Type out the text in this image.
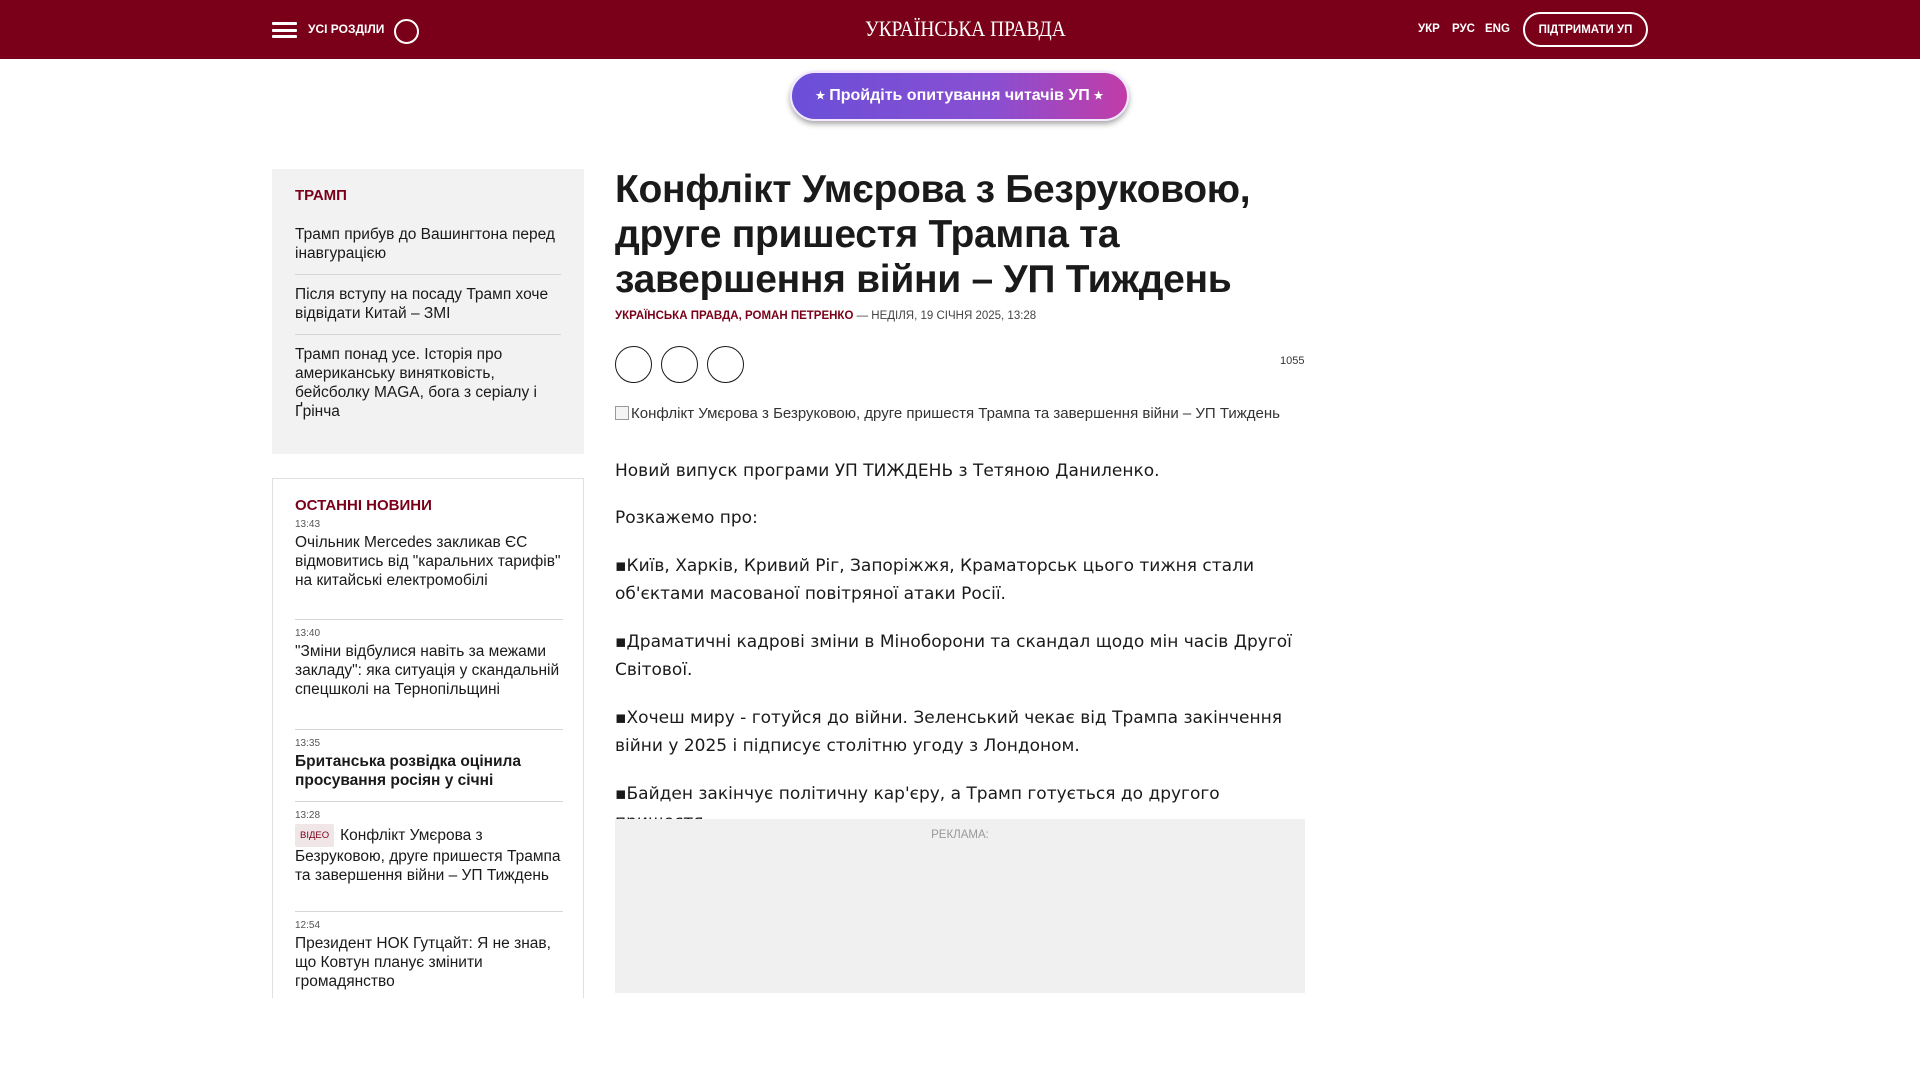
УСІ РОЗДІЛИ	УКРАЇНСЬКА ПРАВДА	УКР РУС ENG	ПІДТРИМАТИ УП
⭑ Пройдіть опитування читачів УП ⭑
ТРАМП
Трамп прибув до Вашингтона перед інавгурацією
Після вступу на посаду Трамп хоче відвідати Китай – ЗМІ
Трамп понад усе. Історія про американську винятковість, бейсболку MAGA, бога з серіалу і Ґрінча
ОСТАННІ НОВИНИ
13:43
Очільник Mercedes закликав ЄС відмовитись від "каральних тарифів" на китайські електромобілі
13:40
"Зміни відбулися навіть за межами закладу": яка ситуація у скандальній спецшколі на Тернопільщині
13:35
Британська розвідка оцінила просування росіян у січні
13:28
ВІДЕО Конфлікт Умєрова з Безруковою, друге пришестя Трампа та завершення війни – УП Тиждень
12:54
Президент НОК Гутцайт: Я не знав, що Ковтун планує змінити громадянство
Конфлікт Умєрова з Безруковою, друге пришестя Трампа та завершення війни – УП Тиждень
УКРАЇНСЬКА ПРАВДА, РОМАН ПЕТРЕНКО — НЕДІЛЯ, 19 СІЧНЯ 2025, 13:28
1055
Конфлікт Умєрова з Безруковою, друге пришестя Трампа та завершення війни – УП Тиждень

Новий випуск програми УП ТИЖДЕНЬ з Тетяною Даниленко.

Розкажемо про:

▪Київ, Харків, Кривий Ріг, Запоріжжя, Краматорськ цього тижня стали об'єктами масованої повітряної атаки Росії.

▪Драматичні кадрові зміни в Міноборони та скандал щодо мін часів Другої Світової.

▪Хочеш миру - готуйся до війни. Зеленський чекає від Трампа закінчення війни у 2025 і підписує столітню угоду з Лондоном.

▪Байден закінчує політичну кар'єру, а Трамп готується до другого

РЕКЛАМА:
